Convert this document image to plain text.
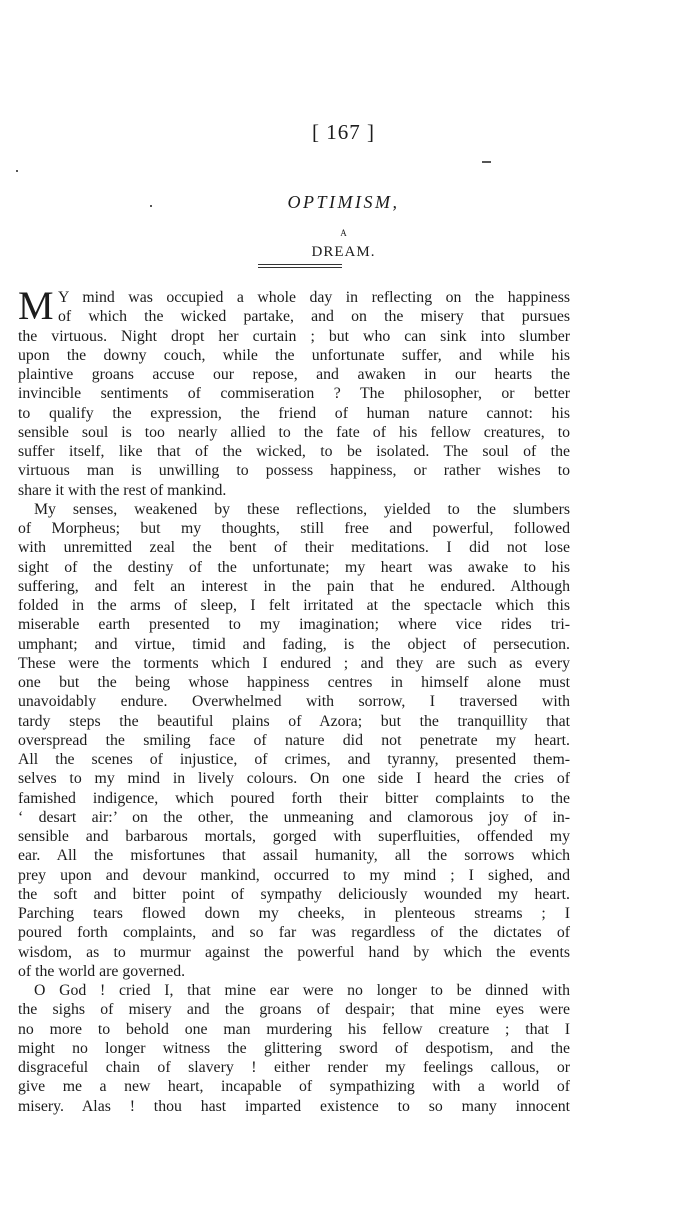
[ 167 ]
OPTIMISM,
A
DREAM.
M Y mind was occupied a whole day in reflecting on the happiness
of which the wicked partake, and on the misery that pursues
the virtuous. Night dropt her curtain ; but who can sink into slumber
upon the downy couch, while the unfortunate suffer, and while his
plaintive groans accuse our repose, and awaken in our hearts the
invincible sentiments of commiseration ? The philosopher, or better
to qualify the expression, the friend of human nature cannot: his
sensible soul is too nearly allied to the fate of his fellow creatures, to
suffer itself, like that of the wicked, to be isolated. The soul of the
virtuous man is unwilling to possess happiness, or rather wishes to
share it with the rest of mankind.
My senses, weakened by these reflections, yielded to the slumbers
of Morpheus; but my thoughts, still free and powerful, followed
with unremitted zeal the bent of their meditations. I did not lose
sight of the destiny of the unfortunate; my heart was awake to his
suffering, and felt an interest in the pain that he endured. Although
folded in the arms of sleep, I felt irritated at the spectacle which this
miserable earth presented to my imagination; where vice rides tri-
umphant; and virtue, timid and fading, is the object of persecution.
These were the torments which I endured ; and they are such as every
one but the being whose happiness centres in himself alone must
unavoidably endure. Overwhelmed with sorrow, I traversed with
tardy steps the beautiful plains of Azora; but the tranquillity that
overspread the smiling face of nature did not penetrate my heart.
All the scenes of injustice, of crimes, and tyranny, presented them-
selves to my mind in lively colours. On one side I heard the cries of
famished indigence, which poured forth their bitter complaints to the
‘ desart air:’ on the other, the unmeaning and clamorous joy of in-
sensible and barbarous mortals, gorged with superfluities, offended my
ear. All the misfortunes that assail humanity, all the sorrows which
prey upon and devour mankind, occurred to my mind ; I sighed, and
the soft and bitter point of sympathy deliciously wounded my heart.
Parching tears flowed down my cheeks, in plenteous streams ; I
poured forth complaints, and so far was regardless of the dictates of
wisdom, as to murmur against the powerful hand by which the events
of the world are governed.
O God ! cried I, that mine ear were no longer to be dinned with
the sighs of misery and the groans of despair; that mine eyes were
no more to behold one man murdering his fellow creature ; that I
might no longer witness the glittering sword of despotism, and the
disgraceful chain of slavery ! either render my feelings callous, or
give me a new heart, incapable of sympathizing with a world of
misery. Alas ! thou hast imparted existence to so many innocent
